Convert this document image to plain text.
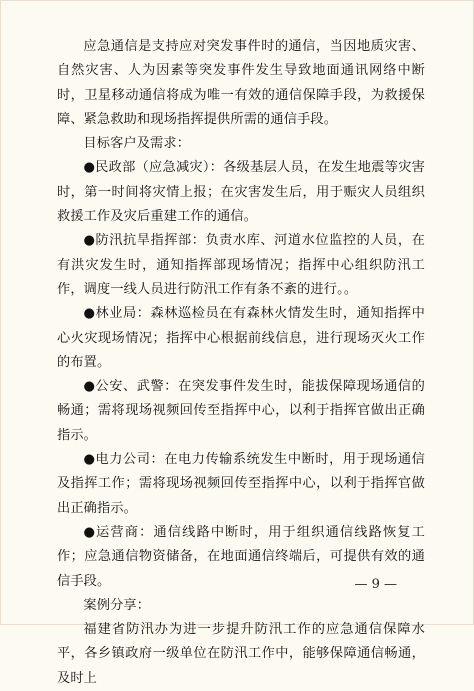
应急通信是支持应对突发事件时的通信，当因地质灾害、自然灾害、人为因素等突发事件发生导致地面通讯网络中断时，卫星移动通信将成为唯一有效的通信保障手段，为救援保障、紧急救助和现场指挥提供所需的通信手段。

目标客户及需求：

●民政部（应急减灾）：各级基层人员，在发生地震等灾害时，第一时间将灾情上报；在灾害发生后，用于赈灾人员组织救援工作及灾后重建工作的通信。

●防汛抗旱指挥部：负责水库、河道水位监控的人员，在有洪灾发生时，通知指挥部现场情况；指挥中心组织防汛工作，调度一线人员进行防汛工作有条不紊的进行。。

●林业局：森林巡检员在有森林火情发生时，通知指挥中心火灾现场情况；指挥中心根据前线信息，进行现场灭火工作的布置。

●公安、武警：在突发事件发生时，能拔保障现场通信的畅通；需将现场视频回传至指挥中心，以利于指挥官做出正确指示。

●电力公司：在电力传输系统发生中断时，用于现场通信及指挥工作；需将现场视频回传至指挥中心，以利于指挥官做出正确指示。

●运营商：通信线路中断时，用于组织通信线路恢复工作；应急通信物资储备，在地面通信终端后，可提供有效的通信手段。

案例分享：

福建省防汛办为进一步提升防汛工作的应急通信保障水平，各乡镇政府一级单位在防汛工作中，能够保障通信畅通，及时上

— 9 —
